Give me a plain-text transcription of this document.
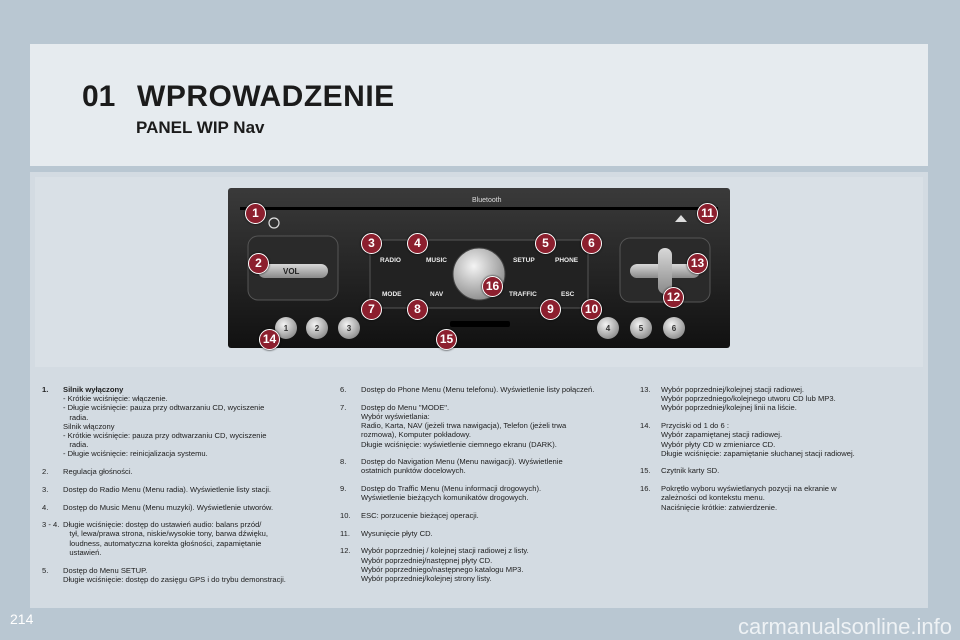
01 WPROWADZENIE
PANEL WIP Nav
Bluetooth
VOL
RADIO	MUSIC	SETUP	PHONE
MODE	NAV	TRAFFIC	ESC
1	2	3	4	5	6
1	11
3	4	5	6
2	13
16
12
7	8	9	10
14	15
1. Silnik wyłączony
- Krótkie wciśnięcie: włączenie.
- Długie wciśnięcie: pauza przy odtwarzaniu CD, wyciszenie
radia.
Silnik włączony
- Krótkie wciśnięcie: pauza przy odtwarzaniu CD, wyciszenie
radia.
- Długie wciśnięcie: reinicjalizacja systemu.
2. Regulacja głośności.
3. Dostęp do Radio Menu (Menu radia). Wyświetlenie listy stacji.
4. Dostęp do Music Menu (Menu muzyki). Wyświetlenie utworów.
3 - 4. Długie wciśnięcie: dostęp do ustawień audio: balans przód/
tył, lewa/prawa strona, niskie/wysokie tony, barwa dźwięku,
loudness, automatyczna korekta głośności, zapamiętanie
ustawień.
5. Dostęp do Menu SETUP.
Długie wciśnięcie: dostęp do zasięgu GPS i do trybu demonstracji.
6. Dostęp do Phone Menu (Menu telefonu). Wyświetlenie listy połączeń.
7. Dostęp do Menu "MODE".
Wybór wyświetlania:
Radio, Karta, NAV (jeżeli trwa nawigacja), Telefon (jeżeli trwa
rozmowa), Komputer pokładowy.
Długie wciśnięcie: wyświetlenie ciemnego ekranu (DARK).
8. Dostęp do Navigation Menu (Menu nawigacji). Wyświetlenie
ostatnich punktów docelowych.
9. Dostęp do Traffic Menu (Menu informacji drogowych).
Wyświetlenie bieżących komunikatów drogowych.
10. ESC: porzucenie bieżącej operacji.
11. Wysunięcie płyty CD.
12. Wybór poprzedniej / kolejnej stacji radiowej z listy.
Wybór poprzedniej/następnej płyty CD.
Wybór poprzedniego/następnego katalogu MP3.
Wybór poprzedniej/kolejnej strony listy.
13. Wybór poprzedniej/kolejnej stacji radiowej.
Wybór poprzedniego/kolejnego utworu CD lub MP3.
Wybór poprzedniej/kolejnej linii na liście.
14. Przyciski od 1 do 6 :
Wybór zapamiętanej stacji radiowej.
Wybór płyty CD w zmieniarce CD.
Długie wciśnięcie: zapamiętanie słuchanej stacji radiowej.
15. Czytnik karty SD.
16. Pokrętło wyboru wyświetlanych pozycji na ekranie w
zależności od kontekstu menu.
Naciśnięcie krótkie: zatwierdzenie.
214	carmanualsonline.info
